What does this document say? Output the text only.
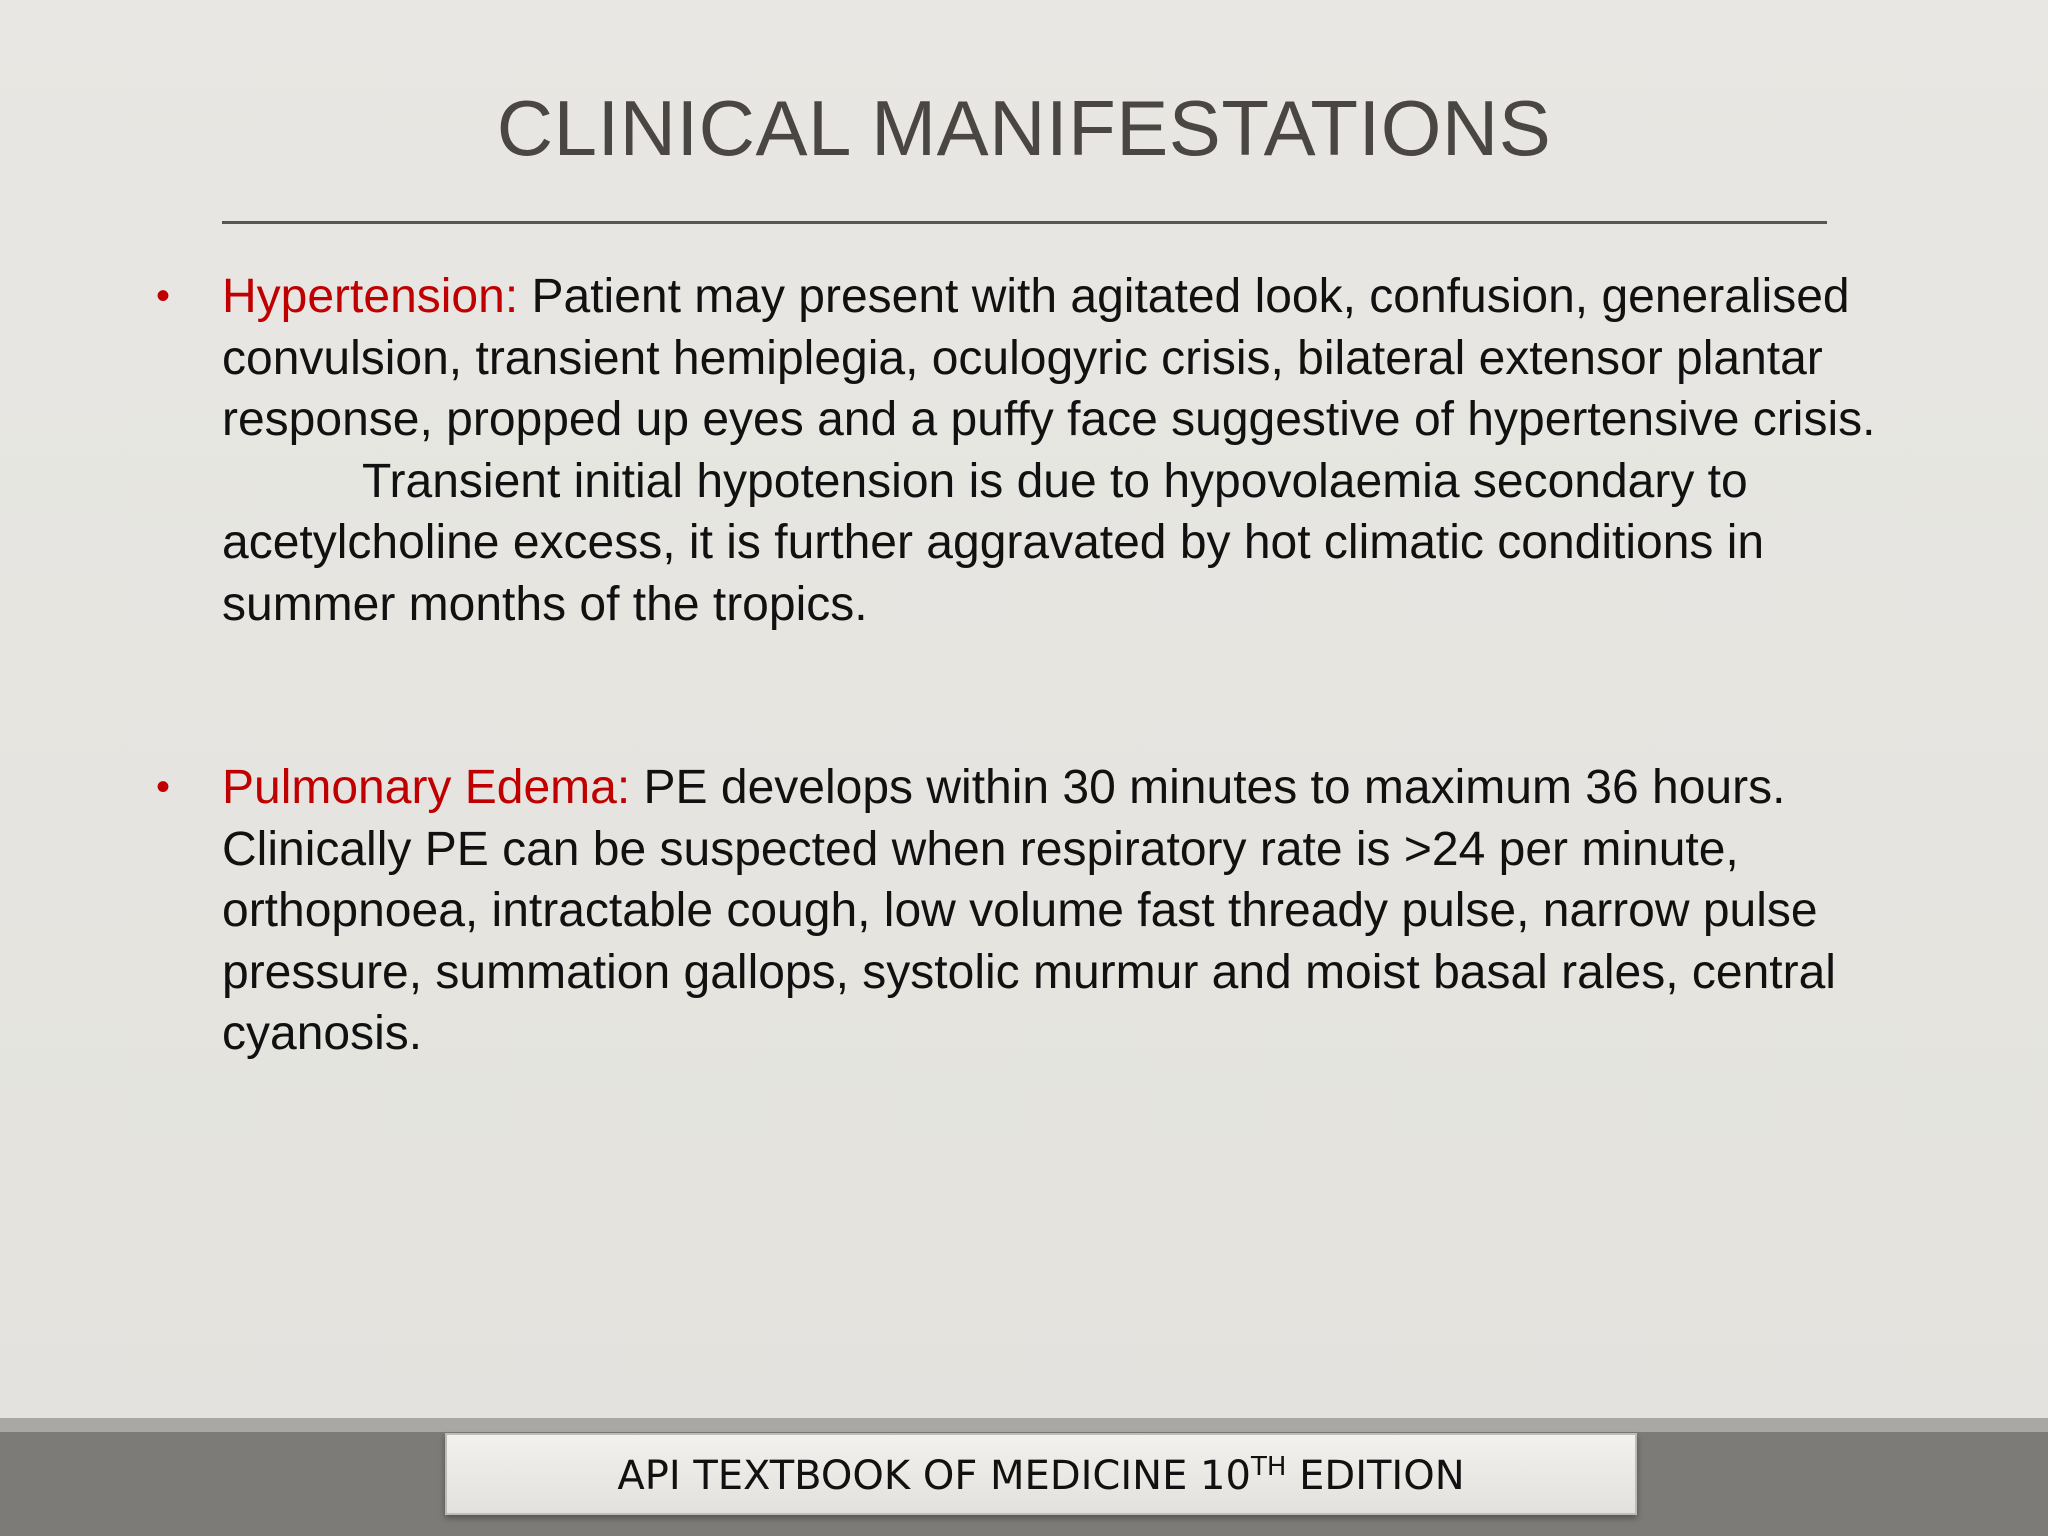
CLINICAL MANIFESTATIONS
• Hypertension: Patient may present with agitated look, confusion, generalised convulsion, transient hemiplegia, oculogyric crisis, bilateral extensor plantar response, propped up eyes and a puffy face suggestive of hypertensive crisis.
Transient initial hypotension is due to hypovolaemia secondary to acetylcholine excess, it is further aggravated by hot climatic conditions in summer months of the tropics.
• Pulmonary Edema: PE develops within 30 minutes to maximum 36 hours. Clinically PE can be suspected when respiratory rate is >24 per minute, orthopnoea, intractable cough, low volume fast thready pulse, narrow pulse pressure, summation gallops, systolic murmur and moist basal rales, central cyanosis.
API TEXTBOOK OF MEDICINE 10TH EDITION
